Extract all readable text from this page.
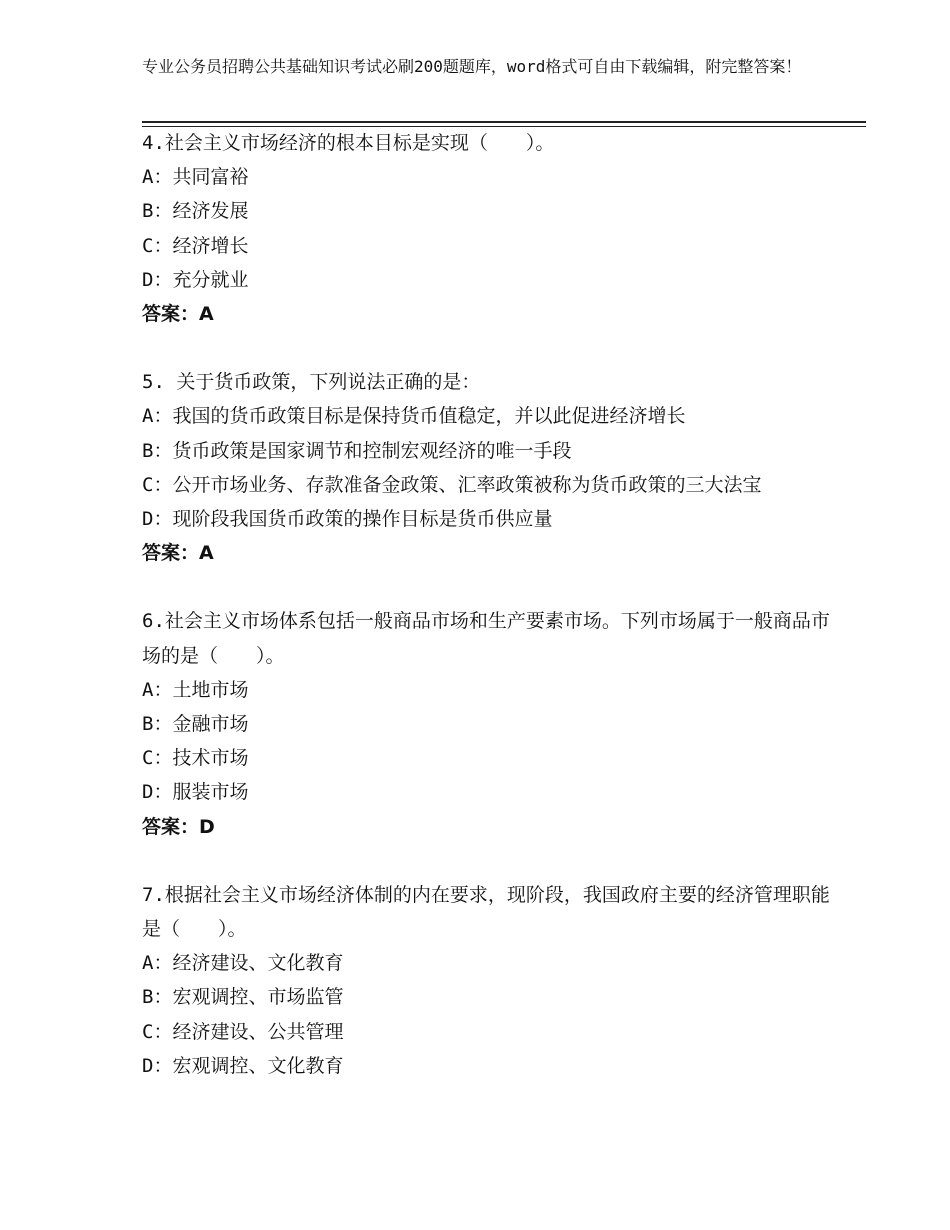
专业公务员招聘公共基础知识考试必刷200题题库，word格式可自由下载编辑，附完整答案！

4.社会主义市场经济的根本目标是实现（　　）。

A：共同富裕

B：经济发展

C：经济增长

D：充分就业

答案：A

5. 关于货币政策，下列说法正确的是：

A：我国的货币政策目标是保持货币值稳定，并以此促进经济增长

B：货币政策是国家调节和控制宏观经济的唯一手段

C：公开市场业务、存款准备金政策、汇率政策被称为货币政策的三大法宝

D：现阶段我国货币政策的操作目标是货币供应量

答案：A

6.社会主义市场体系包括一般商品市场和生产要素市场。下列市场属于一般商品市场的是（　　）。

A：土地市场

B：金融市场

C：技术市场

D：服装市场

答案：D

7.根据社会主义市场经济体制的内在要求，现阶段，我国政府主要的经济管理职能是（　　）。

A：经济建设、文化教育

B：宏观调控、市场监管

C：经济建设、公共管理

D：宏观调控、文化教育
